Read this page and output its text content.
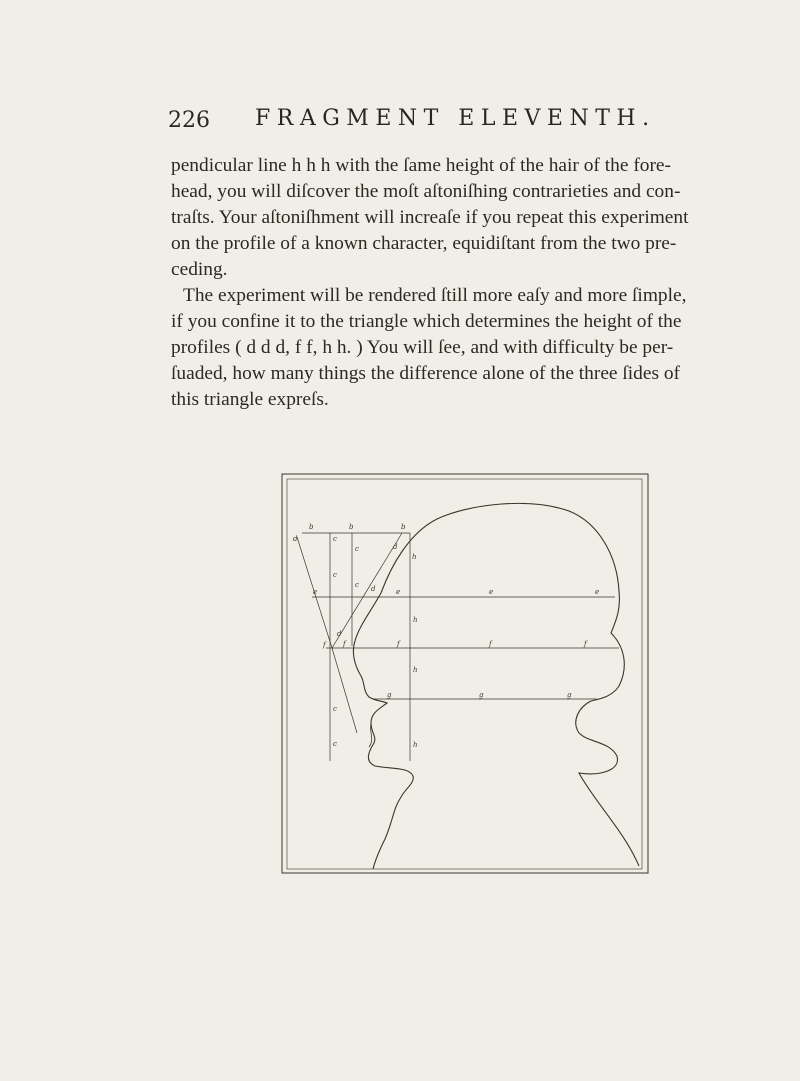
226 FRAGMENT ELEVENTH.
pendicular line h h h with the ſame height of the hair of the fore-
head, you will diſcover the moſt aſtoniſhing contrarieties and con-
traſts. Your aſtoniſhment will increaſe if you repeat this experiment
on the profile of a known character, equidiſtant from the two pre-
ceding.
The experiment will be rendered ſtill more eaſy and more ſimple,
if you confine it to the triangle which determines the height of the
profiles ( d d d, f f, h h. ) You will ſee, and with difficulty be per-
ſuaded, how many things the difference alone of the three ſides of
this triangle expreſs.
b	b	b
d	c
c	d
h
c
c d
e	e	e	e
h
d
f f	f	f	f
h
g	g	g
c
c	h
